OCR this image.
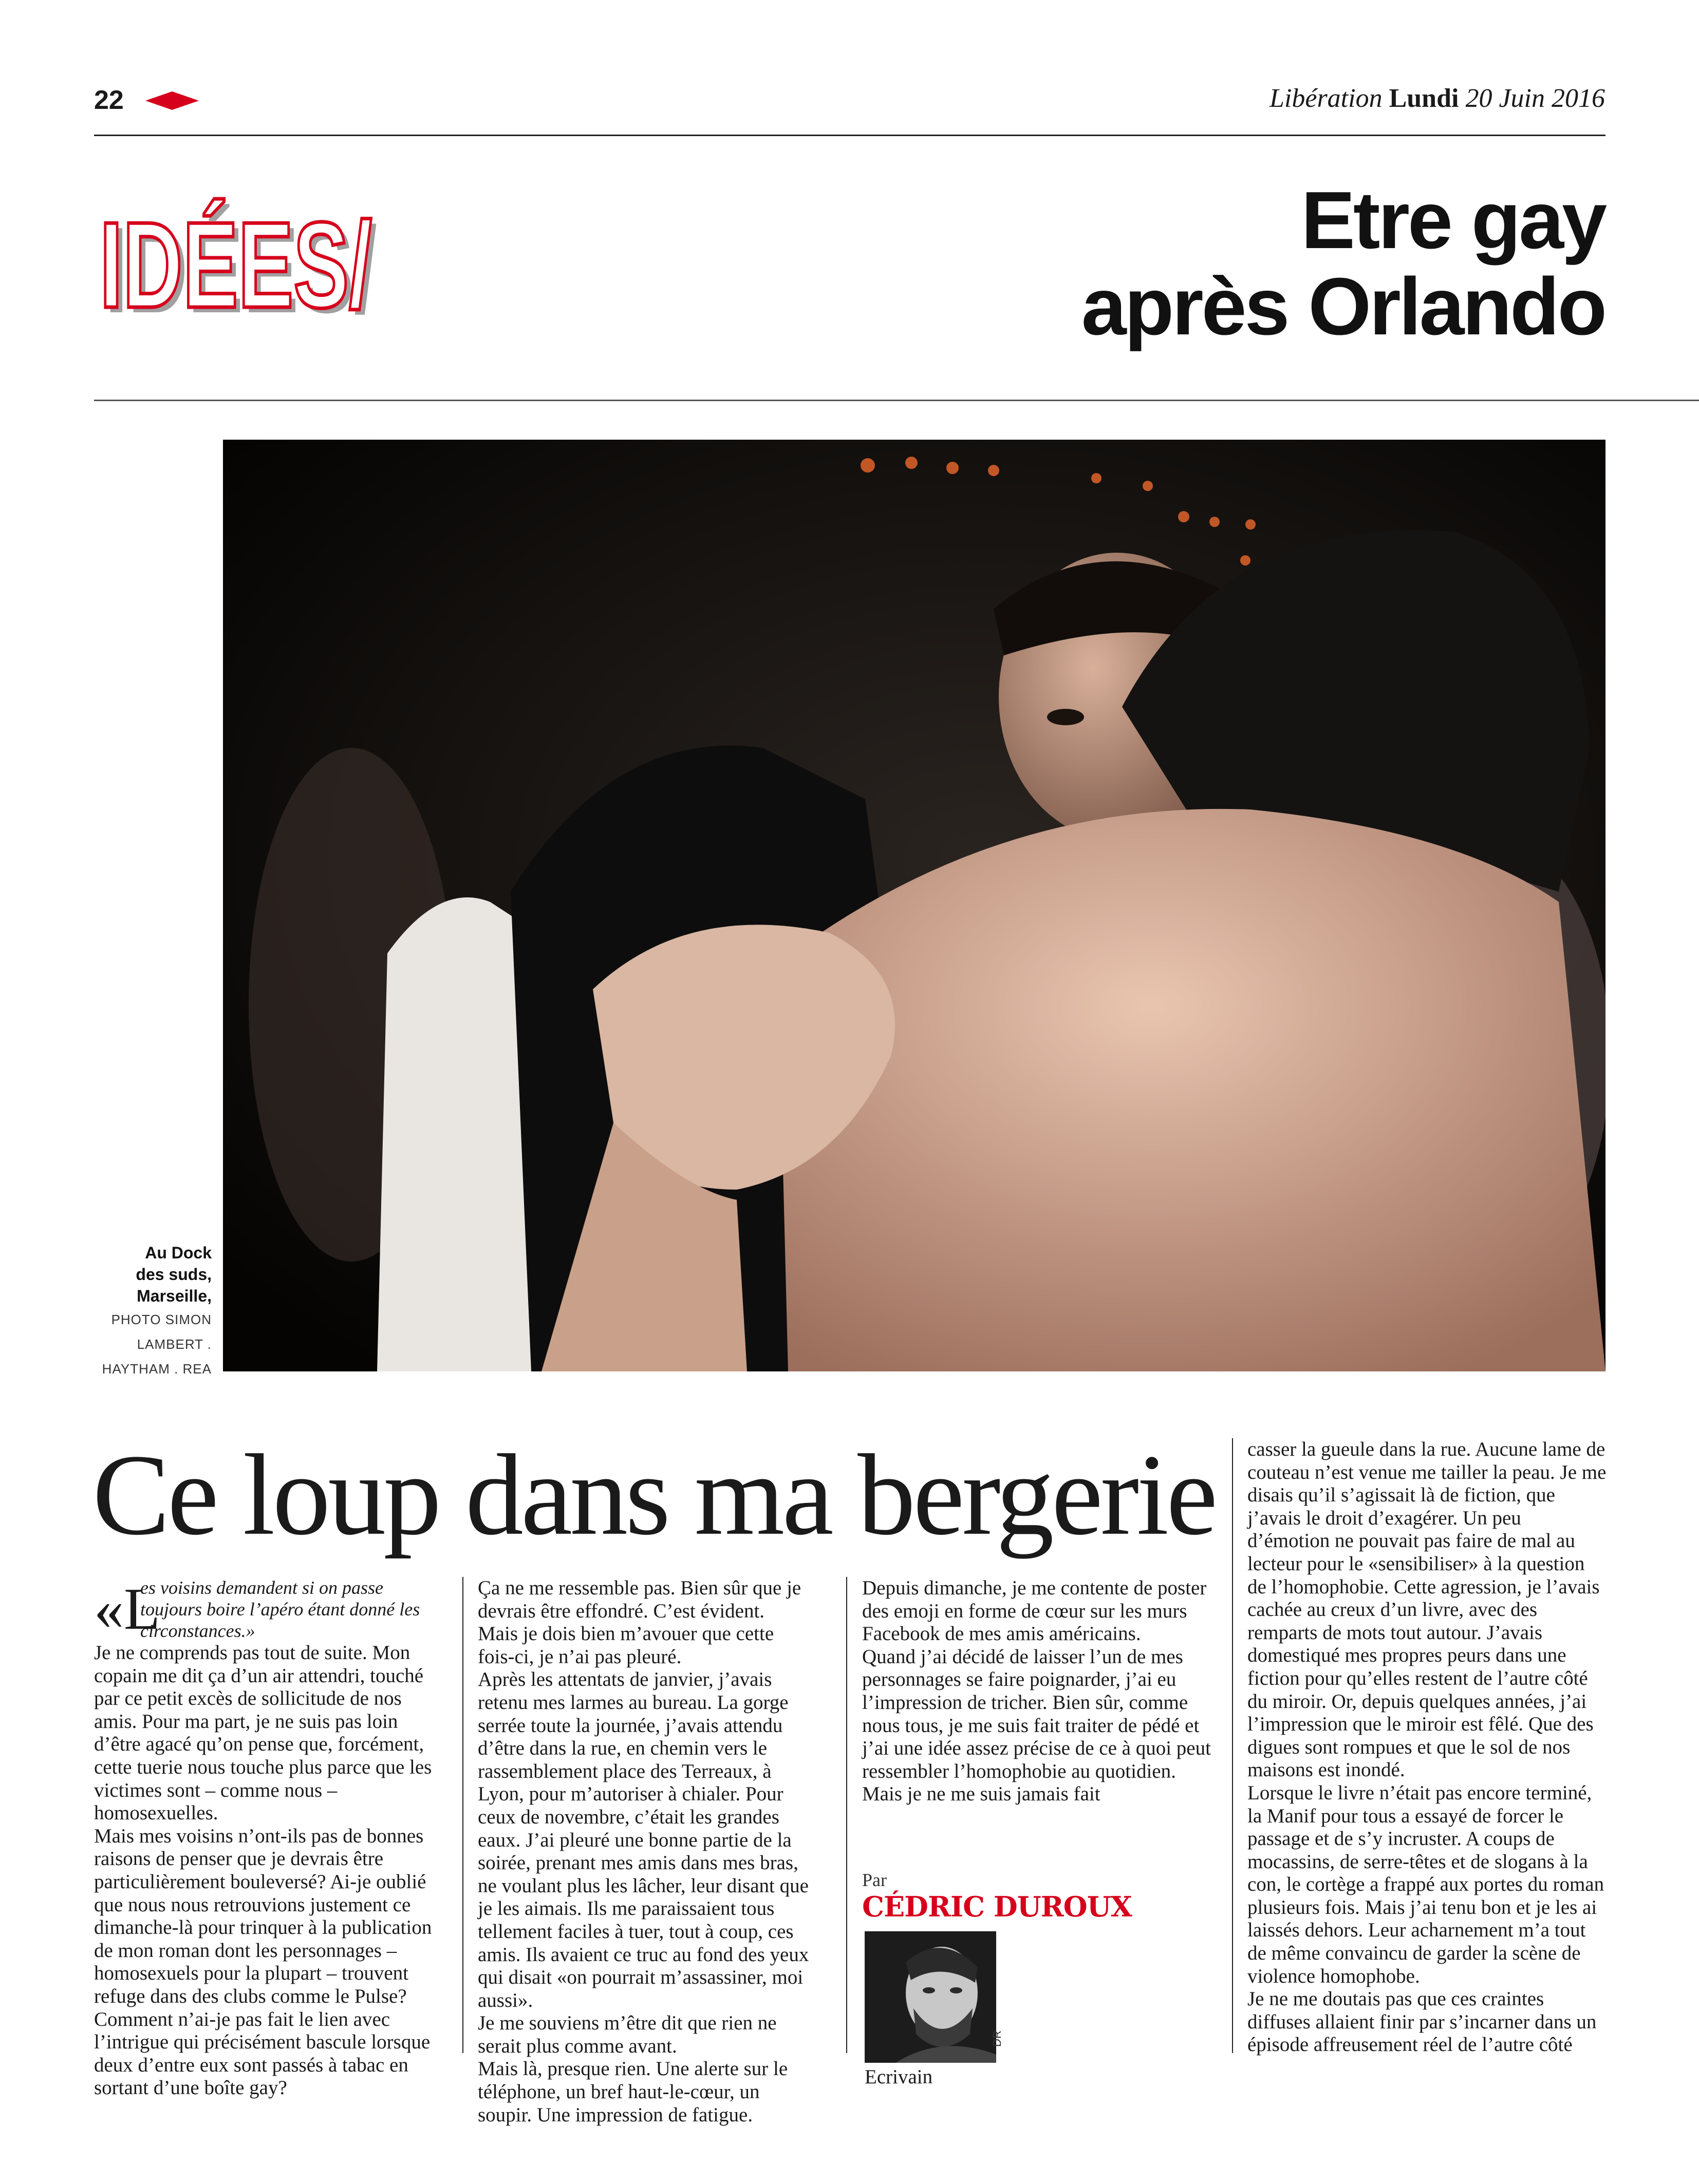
22	Libération Lundi 20 Juin 2016
IDÉES/
IDÉES/	Etre gay
après Orlando
Au Dock
des suds,
Marseille,
PHOTO SIMON
LAMBERT .
HAYTHAM . REA
Ce loup dans ma bergerie
«L
es voisins demandent si on passe toujours boire l’apéro étant donné les circonstances.»

Je ne comprends pas tout de suite. Mon copain me dit ça d’un air attendri, touché par ce petit excès de sollicitude de nos amis. Pour ma part, je ne suis pas loin d’être agacé qu’on pense que, forcément, cette tuerie nous touche plus parce que les victimes sont – comme nous – homosexuelles.

Mais mes voisins n’ont-ils pas de bonnes raisons de penser que je devrais être particulièrement bouleversé? Ai-je oublié que nous nous retrouvions justement ce dimanche-là pour trinquer à la publication de mon roman dont les personnages – homosexuels pour la plupart – trouvent refuge dans des clubs comme le Pulse? Comment n’ai-je pas fait le lien avec l’intrigue qui précisément bascule lorsque deux d’entre eux sont passés à tabac en sortant d’une boîte gay?

Ça ne me ressemble pas. Bien sûr que je devrais être effondré. C’est évident. Mais je dois bien m’avouer que cette fois-ci, je n’ai pas pleuré.

Après les attentats de janvier, j’avais retenu mes larmes au bureau. La gorge serrée toute la journée, j’avais attendu d’être dans la rue, en chemin vers le rassemblement place des Terreaux, à Lyon, pour m’autoriser à chialer. Pour ceux de novembre, c’était les grandes eaux. J’ai pleuré une bonne partie de la soirée, prenant mes amis dans mes bras, ne voulant plus les lâcher, leur disant que je les aimais. Ils me paraissaient tous tellement faciles à tuer, tout à coup, ces amis. Ils avaient ce truc au fond des yeux qui disait «on pourrait m’assassiner, moi aussi».

Je me souviens m’être dit que rien ne serait plus comme avant.

Mais là, presque rien. Une alerte sur le téléphone, un bref haut-le-cœur, un soupir. Une impression de fatigue.

Depuis dimanche, je me contente de poster des emoji en forme de cœur sur les murs Facebook de mes amis américains.

Quand j’ai décidé de laisser l’un de mes personnages se faire poignarder, j’ai eu l’impression de tricher. Bien sûr, comme nous tous, je me suis fait traiter de pédé et j’ai une idée assez précise de ce à quoi peut ressembler l’homophobie au quotidien. Mais je ne me suis jamais fait

Par
CÉDRIC DUROUX
DR
Ecrivain

casser la gueule dans la rue. Aucune lame de couteau n’est venue me tailler la peau. Je me disais qu’il s’agissait là de fiction, que j’avais le droit d’exagérer. Un peu d’émotion ne pouvait pas faire de mal au lecteur pour le «sensibiliser» à la question de l’homophobie. Cette agression, je l’avais cachée au creux d’un livre, avec des remparts de mots tout autour. J’avais domestiqué mes propres peurs dans une fiction pour qu’elles restent de l’autre côté du miroir. Or, depuis quelques années, j’ai l’impression que le miroir est fêlé. Que des digues sont rompues et que le sol de nos maisons est inondé.

Lorsque le livre n’était pas encore terminé, la Manif pour tous a essayé de forcer le passage et de s’y incruster. A coups de mocassins, de serre-têtes et de slogans à la con, le cortège a frappé aux portes du roman plusieurs fois. Mais j’ai tenu bon et je les ai laissés dehors. Leur acharnement m’a tout de même convaincu de garder la scène de violence homophobe.

Je ne me doutais pas que ces craintes diffuses allaient finir par s’incarner dans un épisode affreusement réel de l’autre côté
